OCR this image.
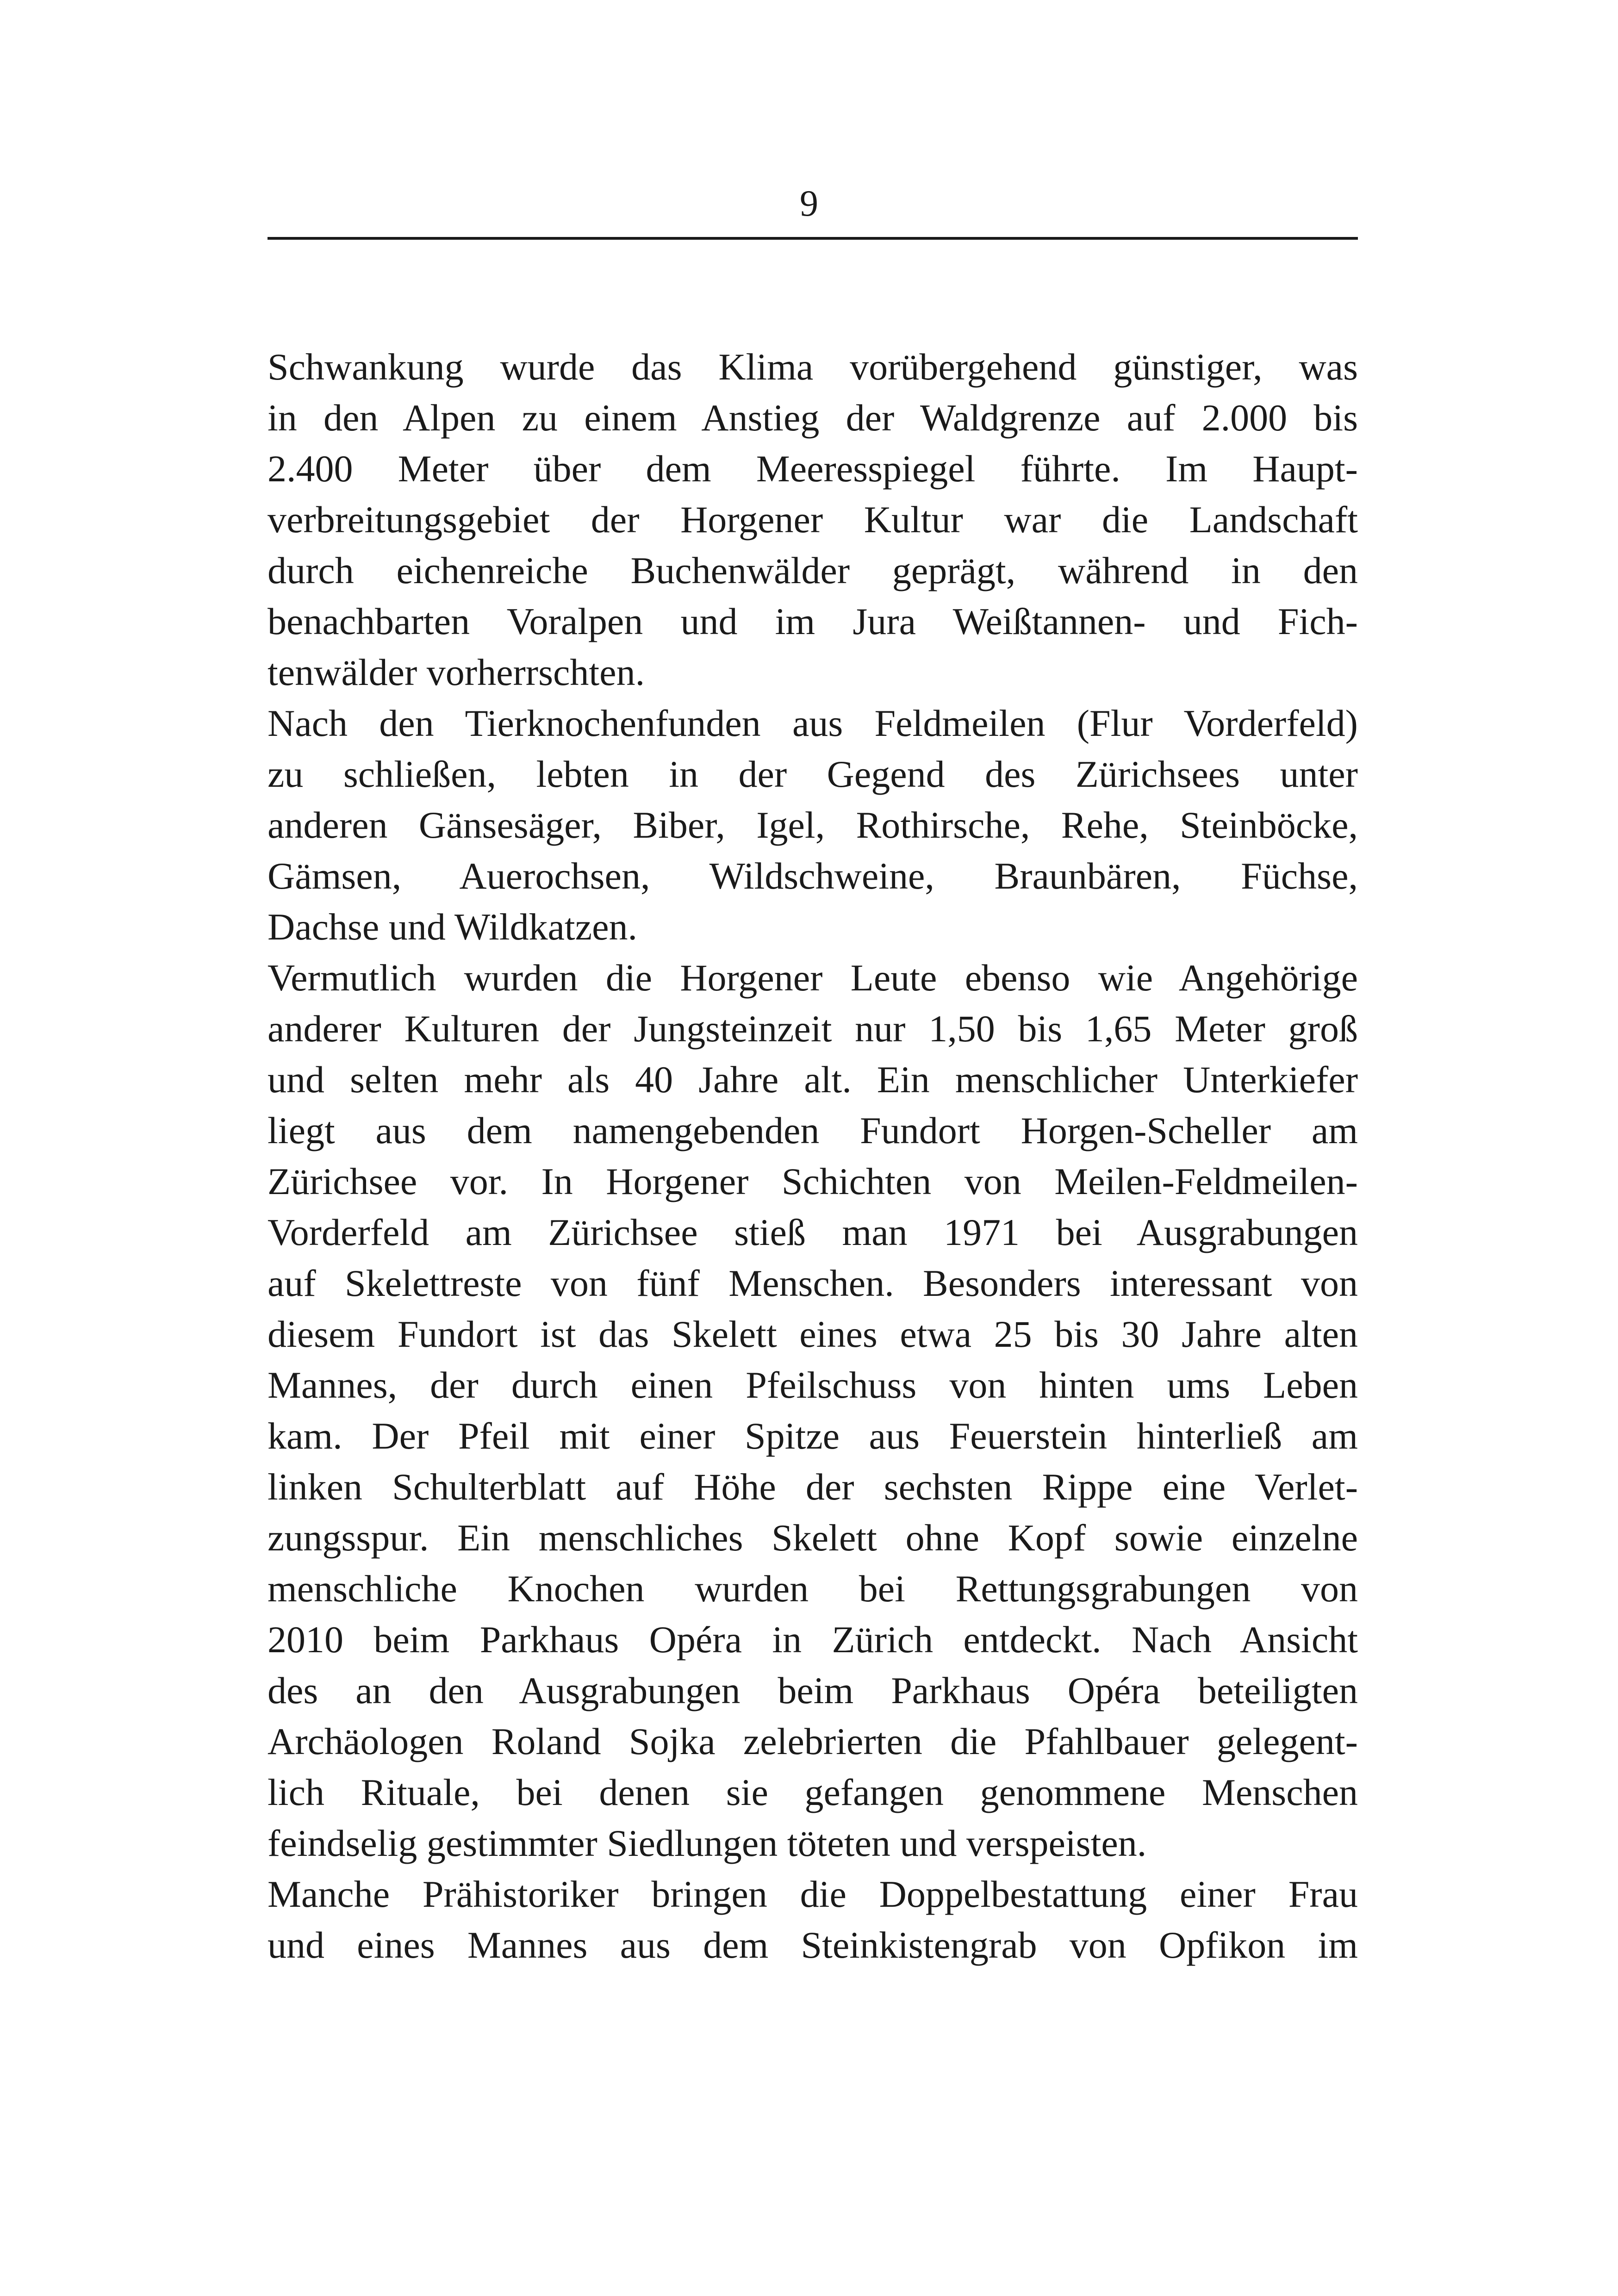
9
Schwankung wurde das Klima vorübergehend günstiger, was
in den Alpen zu einem Anstieg der Waldgrenze auf 2.000 bis
2.400 Meter über dem Meeresspiegel führte. Im Haupt-
verbreitungsgebiet der Horgener Kultur war die Landschaft
durch eichenreiche Buchenwälder geprägt, während in den
benachbarten Voralpen und im Jura Weißtannen- und Fich-
tenwälder vorherrschten.
Nach den Tierknochenfunden aus Feldmeilen (Flur Vorderfeld)
zu schließen, lebten in der Gegend des Zürichsees unter
anderen Gänsesäger, Biber, Igel, Rothirsche, Rehe, Steinböcke,
Gämsen, Auerochsen, Wildschweine, Braunbären, Füchse,
Dachse und Wildkatzen.
Vermutlich wurden die Horgener Leute ebenso wie Angehörige
anderer Kulturen der Jungsteinzeit nur 1,50 bis 1,65 Meter groß
und selten mehr als 40 Jahre alt. Ein menschlicher Unterkiefer
liegt aus dem namengebenden Fundort Horgen-Scheller am
Zürichsee vor. In Horgener Schichten von Meilen-Feldmeilen-
Vorderfeld am Zürichsee stieß man 1971 bei Ausgrabungen
auf Skelettreste von fünf Menschen. Besonders interessant von
diesem Fundort ist das Skelett eines etwa 25 bis 30 Jahre alten
Mannes, der durch einen Pfeilschuss von hinten ums Leben
kam. Der Pfeil mit einer Spitze aus Feuerstein hinterließ am
linken Schulterblatt auf Höhe der sechsten Rippe eine Verlet-
zungsspur. Ein menschliches Skelett ohne Kopf sowie einzelne
menschliche Knochen wurden bei Rettungsgrabungen von
2010 beim Parkhaus Opéra in Zürich entdeckt. Nach Ansicht
des an den Ausgrabungen beim Parkhaus Opéra beteiligten
Archäologen Roland Sojka zelebrierten die Pfahlbauer gelegent-
lich Rituale, bei denen sie gefangen genommene Menschen
feindselig gestimmter Siedlungen töteten und verspeisten.
Manche Prähistoriker bringen die Doppelbestattung einer Frau
und eines Mannes aus dem Steinkistengrab von Opfikon im
